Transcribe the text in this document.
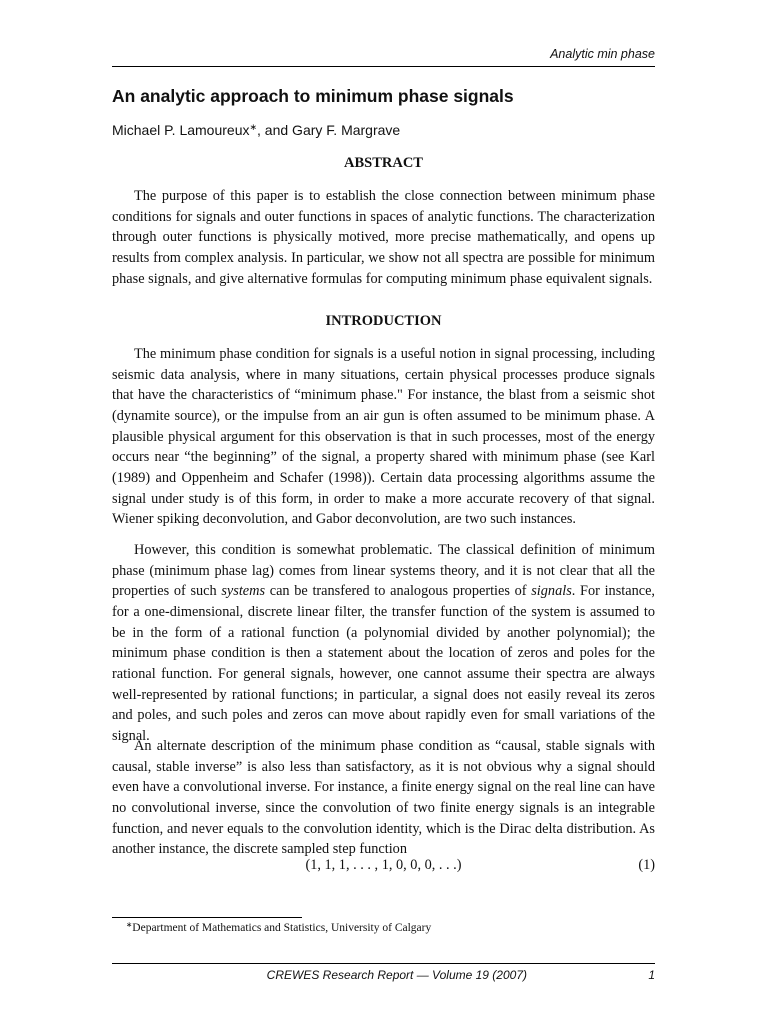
Analytic min phase
An analytic approach to minimum phase signals
Michael P. Lamoureux∗, and Gary F. Margrave
ABSTRACT

The purpose of this paper is to establish the close connection between minimum phase conditions for signals and outer functions in spaces of analytic functions. The characterization through outer functions is physically motived, more precise mathematically, and opens up results from complex analysis. In particular, we show not all spectra are possible for minimum phase signals, and give alternative formulas for computing minimum phase equivalent signals.

INTRODUCTION

The minimum phase condition for signals is a useful notion in signal processing, including seismic data analysis, where in many situations, certain physical processes produce signals that have the characteristics of “minimum phase." For instance, the blast from a seismic shot (dynamite source), or the impulse from an air gun is often assumed to be minimum phase. A plausible physical argument for this observation is that in such processes, most of the energy occurs near “the beginning” of the signal, a property shared with minimum phase (see Karl (1989) and Oppenheim and Schafer (1998)). Certain data processing algorithms assume the signal under study is of this form, in order to make a more accurate recovery of that signal. Wiener spiking deconvolution, and Gabor deconvolution, are two such instances.

However, this condition is somewhat problematic. The classical definition of minimum phase (minimum phase lag) comes from linear systems theory, and it is not clear that all the properties of such systems can be transfered to analogous properties of signals. For instance, for a one-dimensional, discrete linear filter, the transfer function of the system is assumed to be in the form of a rational function (a polynomial divided by another polynomial); the minimum phase condition is then a statement about the location of zeros and poles for the rational function. For general signals, however, one cannot assume their spectra are always well-represented by rational functions; in particular, a signal does not easily reveal its zeros and poles, and such poles and zeros can move about rapidly even for small variations of the signal.

An alternate description of the minimum phase condition as “causal, stable signals with causal, stable inverse” is also less than satisfactory, as it is not obvious why a signal should even have a convolutional inverse. For instance, a finite energy signal on the real line can have no convolutional inverse, since the convolution of two finite energy signals is an integrable function, and never equals to the convolution identity, which is the Dirac delta distribution. As another instance, the discrete sampled step function

(1, 1, 1, . . . , 1, 0, 0, 0, . . .)	(1)
∗Department of Mathematics and Statistics, University of Calgary
CREWES Research Report — Volume 19 (2007)	1
